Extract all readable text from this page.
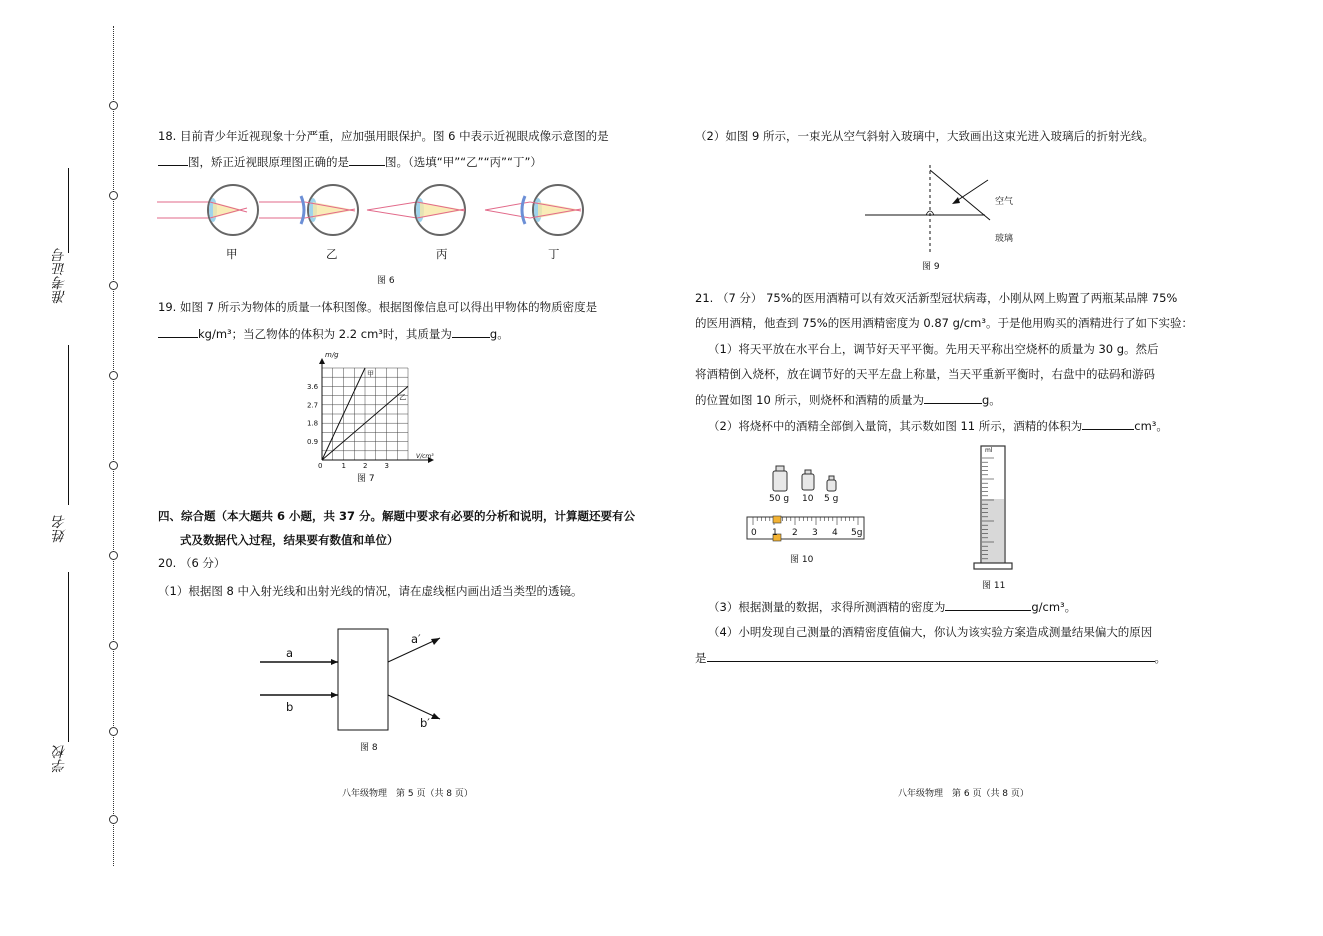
准考证号
姓名
学校
18. 目前青少年近视现象十分严重，应加强用眼保护。图 6 中表示近视眼成像示意图的是
图，矫正近视眼原理图正确的是	图。（选填“甲”“乙”“丙”“丁”）
甲	乙	丙	丁
图 6
19. 如图 7 所示为物体的质量一体积图像。根据图像信息可以得出甲物体的物质密度是
kg/m³；当乙物体的体积为 2.2 cm³时，其质量为	g。
0	1 2 3
0.9
1.8
2.7
3.6
m/g
V/cm³
甲
乙
图 7
四、综合题（本大题共 6 小题，共 37 分。解题中要求有必要的分析和说明，计算题还要有公
式及数据代入过程，结果要有数值和单位）
20. （6 分）
（1）根据图 8 中入射光线和出射光线的情况，请在虚线框内画出适当类型的透镜。
a
b
a′
b′
图 8
八年级物理　第 5 页（共 8 页）
（2）如图 9 所示，一束光从空气斜射入玻璃中，大致画出这束光进入玻璃后的折射光线。
空气
玻璃
图 9
21. （7 分） 75%的医用酒精可以有效灭活新型冠状病毒，小刚从网上购置了两瓶某品牌 75%
的医用酒精，他查到 75%的医用酒精密度为 0.87 g/cm³。于是他用购买的酒精进行了如下实验：
（1）将天平放在水平台上，调节好天平平衡。先用天平称出空烧杯的质量为 30 g。然后
将酒精倒入烧杯，放在调节好的天平左盘上称量，当天平重新平衡时，右盘中的砝码和游码
的位置如图 10 所示，则烧杯和酒精的质量为	g。
（2）将烧杯中的酒精全部倒入量筒，其示数如图 11 所示，酒精的体积为	cm³。
50 g 10 5 g
0 1 2 3 4 5g
图 10
ml
图 11
（3）根据测量的数据，求得所测酒精的密度为	g/cm³。
（4）小明发现自己测量的酒精密度值偏大，你认为该实验方案造成测量结果偏大的原因
是	。
八年级物理　第 6 页（共 8 页）
